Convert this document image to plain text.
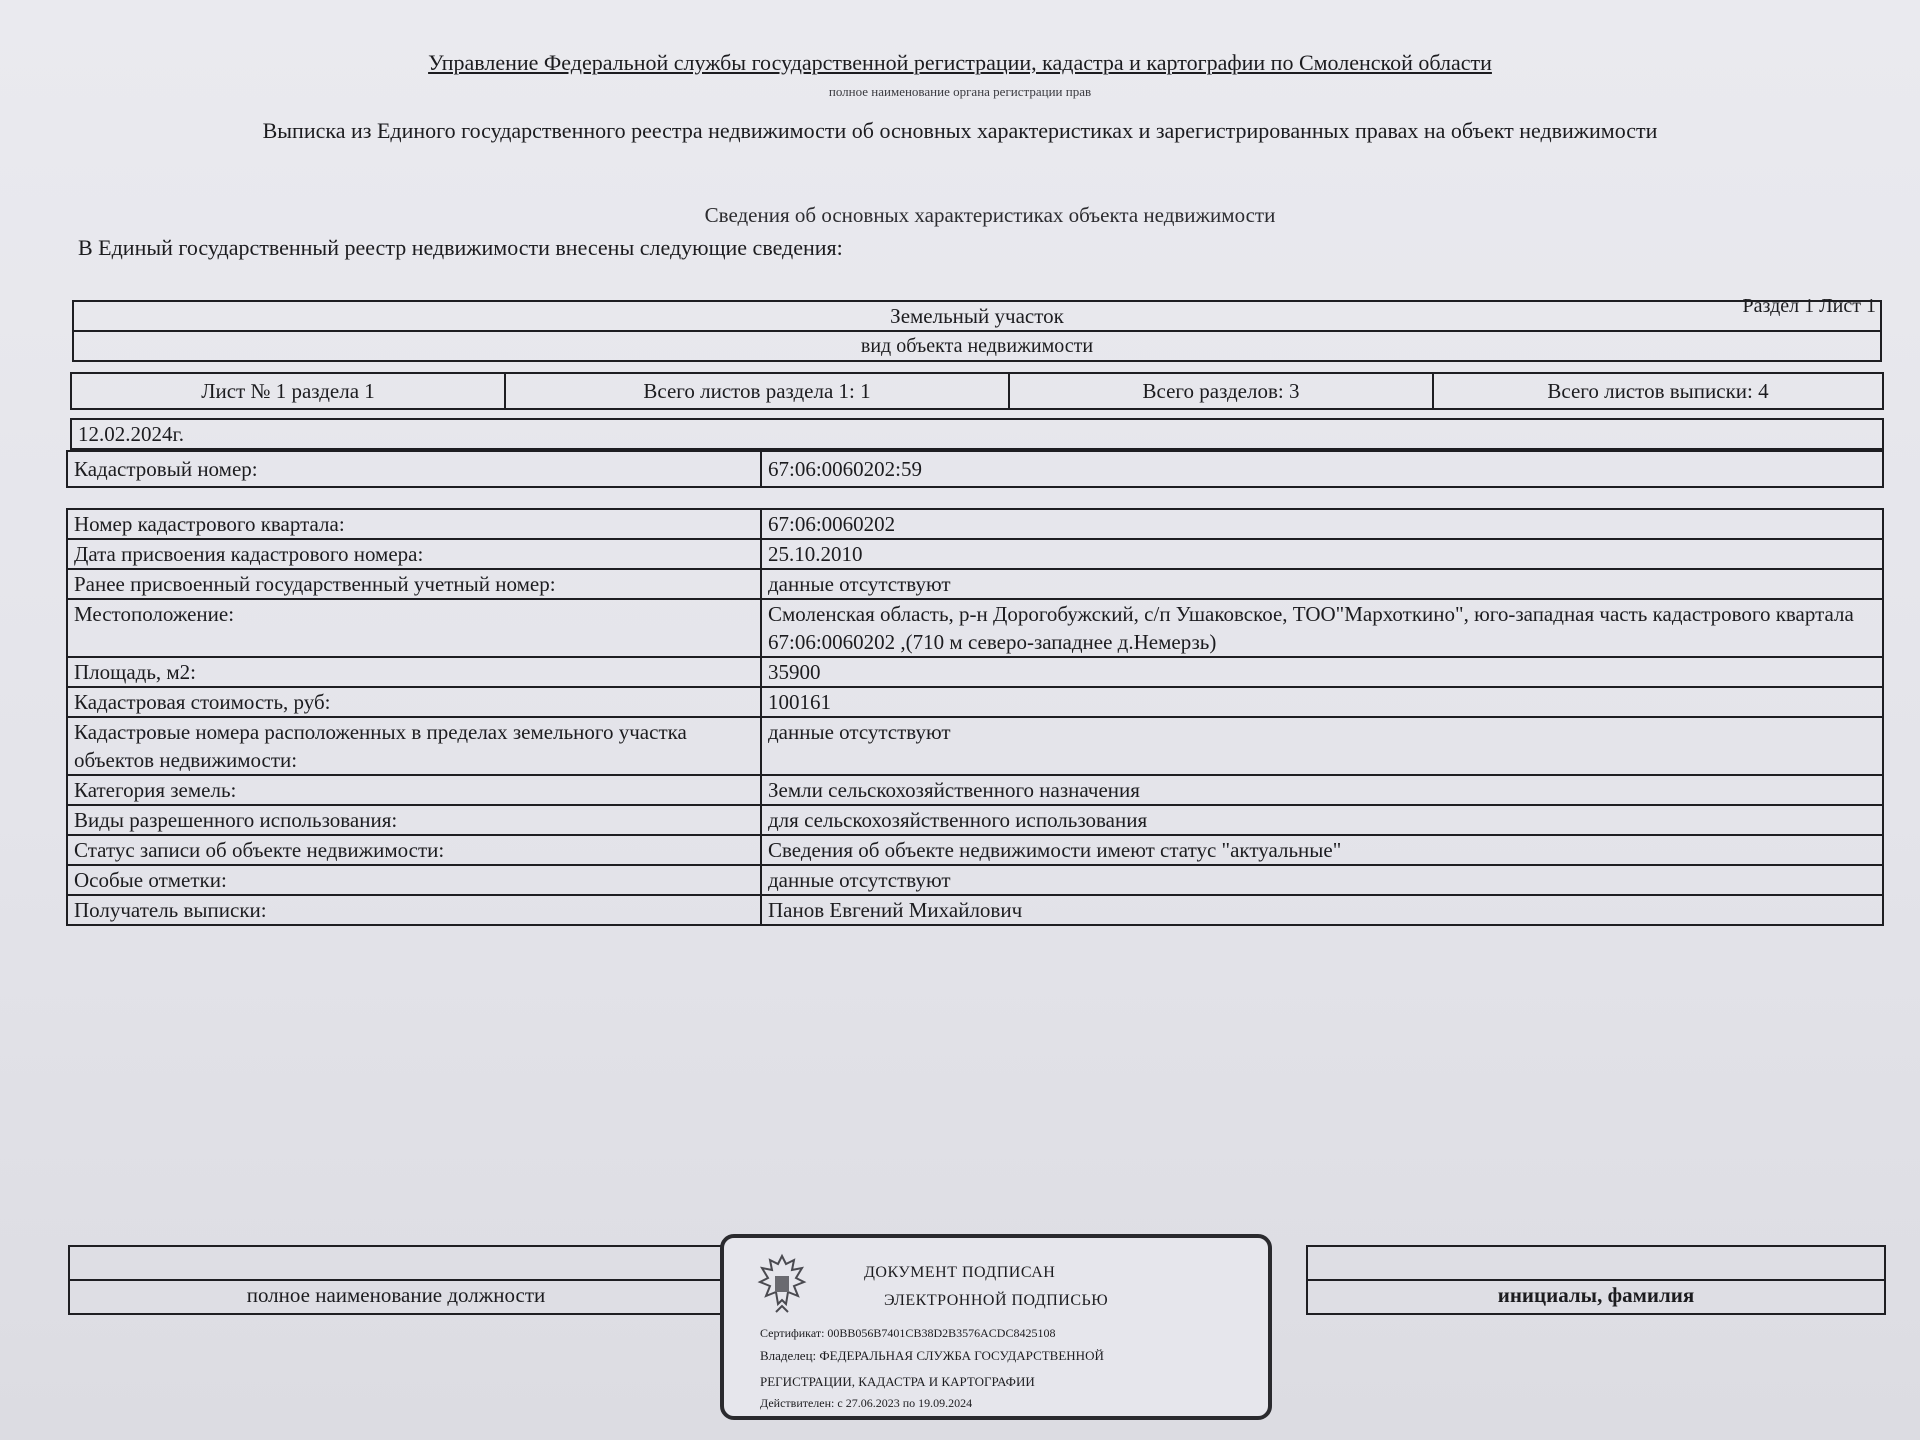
Управление Федеральной службы государственной регистрации, кадастра и картографии по Смоленской области
полное наименование органа регистрации прав
Выписка из Единого государственного реестра недвижимости об основных характеристиках и зарегистрированных правах на объект недвижимости
Сведения об основных характеристиках объекта недвижимости
В Единый государственный реестр недвижимости внесены следующие сведения:
Раздел 1 Лист 1
Земельный участок
вид объекта недвижимости
Лист № 1 раздела 1	Всего листов раздела 1: 1	Всего разделов: 3	Всего листов выписки: 4
12.02.2024г.
Кадастровый номер:	67:06:0060202:59
Номер кадастрового квартала:	67:06:0060202
Дата присвоения кадастрового номера:	25.10.2010
Ранее присвоенный государственный учетный номер:	данные отсутствуют
Местоположение:	Смоленская область, р-н Дорогобужский, с/п Ушаковское, ТОО"Мархоткино", юго-западная часть кадастрового квартала 67:06:0060202 ,(710 м северо-западнее д.Немерзь)
Площадь, м2:	35900
Кадастровая стоимость, руб:	100161
Кадастровые номера расположенных в пределах земельного участка объектов недвижимости:	данные отсутствуют
Категория земель:	Земли сельскохозяйственного назначения
Виды разрешенного использования:	для сельскохозяйственного использования
Статус записи об объекте недвижимости:	Сведения об объекте недвижимости имеют статус "актуальные"
Особые отметки:	данные отсутствуют
Получатель выписки:	Панов Евгений Михайлович

полное наименование должности		инициалы, фамилия
ДОКУМЕНТ ПОДПИСАН
ЭЛЕКТРОННОЙ ПОДПИСЬЮ
Сертификат: 00BB056B7401CB38D2B3576ACDC8425108
Владелец: ФЕДЕРАЛЬНАЯ СЛУЖБА ГОСУДАРСТВЕННОЙ
РЕГИСТРАЦИИ, КАДАСТРА И КАРТОГРАФИИ
Действителен: с 27.06.2023 по 19.09.2024
